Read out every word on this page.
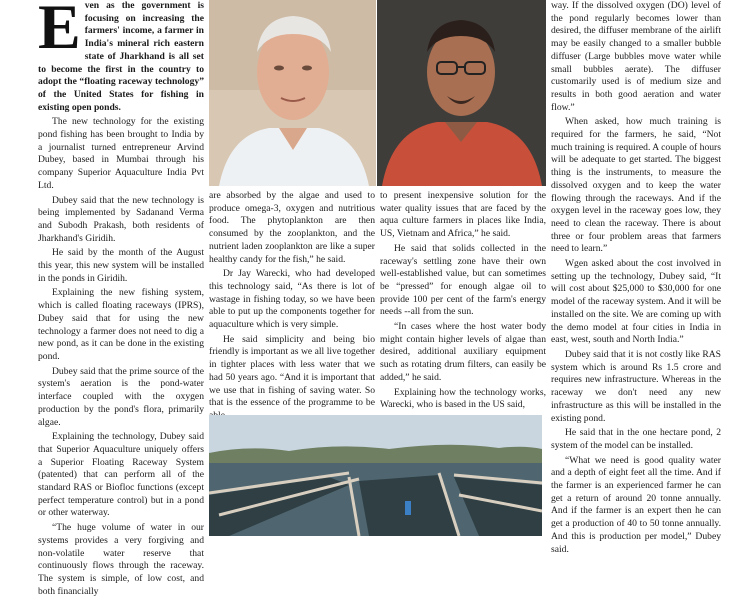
Even as the government is focusing on increasing the farmers' income, a farmer in India's mineral rich eastern state of Jharkhand is all set to become the first in the country to adopt the “floating raceway technology” of the United States for fishing in existing open ponds.

The new technology for the existing pond fishing has been brought to India by a journalist turned entrepreneur Arvind Dubey, based in Mumbai through his company Superior Aquaculture India Pvt Ltd.

Dubey said that the new technology is being implemented by Sadanand Verma and Subodh Prakash, both residents of Jharkhand's Giridih.

He said by the month of the August this year, this new system will be installed in the ponds in Giridih.

Explaining the new fishing system, which is called floating raceways (IPRS), Dubey said that for using the new technology a farmer does not need to dig a new pond, as it can be done in the existing pond.

Dubey said that the prime source of the system's aeration is the pond-water interface coupled with the oxygen production by the pond's flora, primarily algae.

Explaining the technology, Dubey said that Superior Aquaculture uniquely offers a Superior Floating Raceway System (patented) that can perform all of the standard RAS or Biofloc functions (except perfect temperature control) but in a pond or other waterway.

“The huge volume of water in our systems provides a very forgiving and non-volatile water reserve that continuously flows through the raceway. The system is simple, of low cost, and both financially

are absorbed by the algae and used to produce omega-3, oxygen and nutritious food. The phytoplankton are then consumed by the zooplankton, and the nutrient laden zooplankton are like a super healthy candy for the fish,” he said.

Dr Jay Warecki, who had developed this technology said, “As there is lot of wastage in fishing today, so we have been able to put up the components together for aquaculture which is very simple.

He said simplicity and being bio friendly is important as we all live together in tighter places with less water that we had 50 years ago. “And it is important that we use that in fishing of saving water. So that is the essence of the programme to be

to present inexpensive solution for the water quality issues that are faced by the aqua culture farmers in places like India, US, Vietnam and Africa,” he said.

He said that solids collected in the raceway's settling zone have their own well-established value, but can sometimes be “pressed” for enough algae oil to provide 100 per cent of the farm's energy needs --all from the sun.

“In cases where the host water body might contain higher levels of algae than desired, additional auxiliary equipment such as rotating drum filters, can easily be added,” he said.

Explaining how the technology works, Warecki, who is based in the US said,

way. If the dissolved oxygen (DO) level of the pond regularly becomes lower than desired, the diffuser membrane of the airlift may be easily changed to a smaller bubble diffuser (Large bubbles move water while small bubbles aerate). The diffuser customarily used is of medium size and results in both good aeration and water flow.”

When asked, how much training is required for the farmers, he said, “Not much training is required. A couple of hours will be adequate to get started. The biggest thing is the instruments, to measure the dissolved oxygen and to keep the water flowing through the raceways. And if the oxygen level in the raceway goes low, they need to clean the raceway. There is about three or four problem areas that farmers need to learn.”

Wgen asked about the cost involved in setting up the technology, Dubey said, “It will cost about $25,000 to $30,000 for one model of the raceway system. And it will be installed on the site. We are coming up with the demo model at four cities in India in east, west, south and North India.”

Dubey said that it is not costly like RAS system which is around Rs 1.5 crore and requires new infrastructure. Whereas in the raceway we don't need any new infrastructure as this will be installed in the existing pond.

He said that in the one hectare pond, 2 system of the model can be installed.

“What we need is good quality water and a depth of eight feet all the time. And if the farmer is an experienced farmer he can get a return of around 20 tonne annually. And if the farmer is an expert then he can get a production of 40 to 50 tonne annually. And this is production per model,” Dubey said.
